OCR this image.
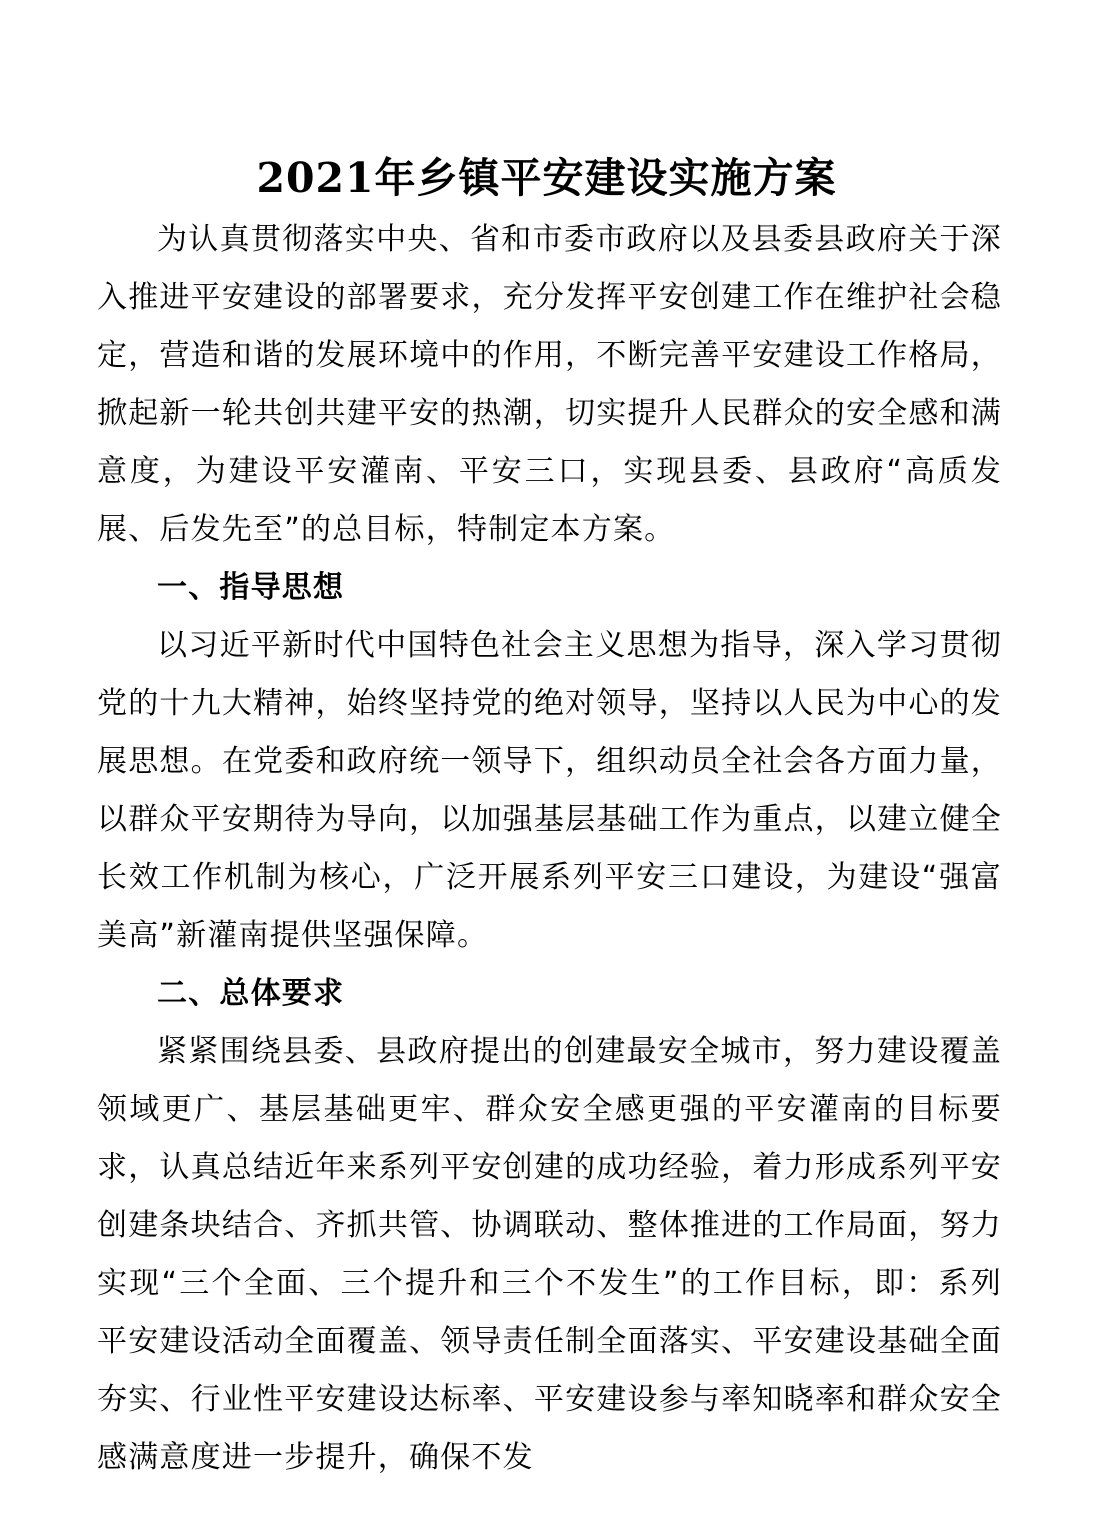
2021年乡镇平安建设实施方案

为认真贯彻落实中央、省和市委市政府以及县委县政府关于深入推进平安建设的部署要求，充分发挥平安创建工作在维护社会稳定，营造和谐的发展环境中的作用，不断完善平安建设工作格局，掀起新一轮共创共建平安的热潮，切实提升人民群众的安全感和满意度，为建设平安灌南、平安三口，实现县委、县政府“高质发展、后发先至”的总目标，特制定本方案。

一、指导思想

以习近平新时代中国特色社会主义思想为指导，深入学习贯彻党的十九大精神，始终坚持党的绝对领导，坚持以人民为中心的发展思想。在党委和政府统一领导下，组织动员全社会各方面力量，以群众平安期待为导向，以加强基层基础工作为重点，以建立健全长效工作机制为核心，广泛开展系列平安三口建设，为建设“强富美高”新灌南提供坚强保障。

二、总体要求

紧紧围绕县委、县政府提出的创建最安全城市，努力建设覆盖领域更广、基层基础更牢、群众安全感更强的平安灌南的目标要求，认真总结近年来系列平安创建的成功经验，着力形成系列平安创建条块结合、齐抓共管、协调联动、整体推进的工作局面，努力实现“三个全面、三个提升和三个不发生”的工作目标，即：系列平安建设活动全面覆盖、领导责任制全面落实、平安建设基础全面夯实、行业性平安建设达标率、平安建设参与率知晓率和群众安全感满意度进一步提升，确保不发
